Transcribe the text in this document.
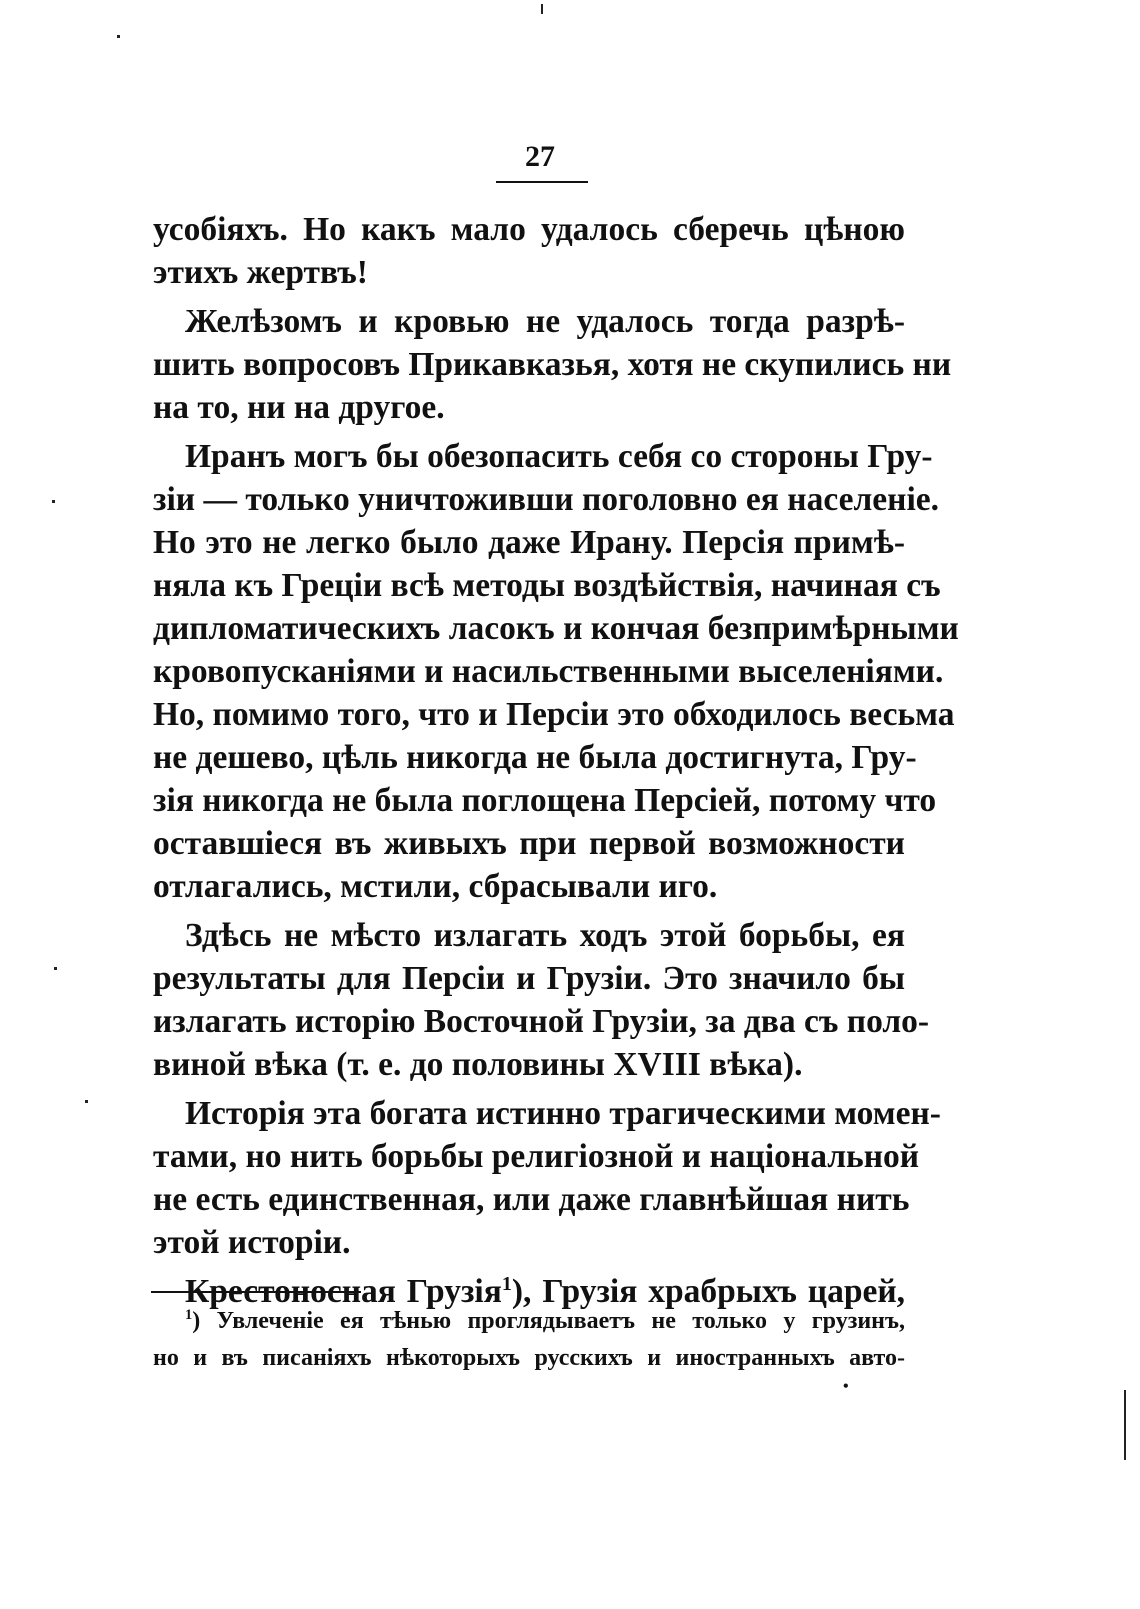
27
усобіяхъ. Но какъ мало удалось сберечь цѣною
этихъ жертвъ!
Желѣзомъ и кровью не удалось тогда разрѣ-
шить вопросовъ Прикавказья, хотя не скупились ни
на то, ни на другое.
Иранъ могъ бы обезопасить себя со стороны Гру-
зіи — только уничтоживши поголовно ея населеніе.
Но это не легко было даже Ирану. Персія примѣ-
няла къ Греціи всѣ методы воздѣйствія, начиная съ
дипломатическихъ ласокъ и кончая безпримѣрными
кровопусканіями и насильственными выселеніями.
Но, помимо того, что и Персіи это обходилось весьма
не дешево, цѣль никогда не была достигнута, Гру-
зія никогда не была поглощена Персіей, потому что
оставшіеся въ живыхъ при первой возможности
отлагались, мстили, сбрасывали иго.
Здѣсь не мѣсто излагать ходъ этой борьбы, ея
результаты для Персіи и Грузіи. Это значило бы
излагать исторію Восточной Грузіи, за два съ поло-
виной вѣка (т. е. до половины XVIII вѣка).
Исторія эта богата истинно трагическими момен-
тами, но нить борьбы религіозной и національной
не есть единственная, или даже главнѣйшая нить
этой исторіи.
Крестоносная Грузія$^1$), Грузія храбрыхъ царей,
$^1$) Увлеченіе ея тѣнью проглядываетъ не только у грузинъ,
но и въ писаніяхъ нѣкоторыхъ русскихъ и иностранныхъ авто-
•
